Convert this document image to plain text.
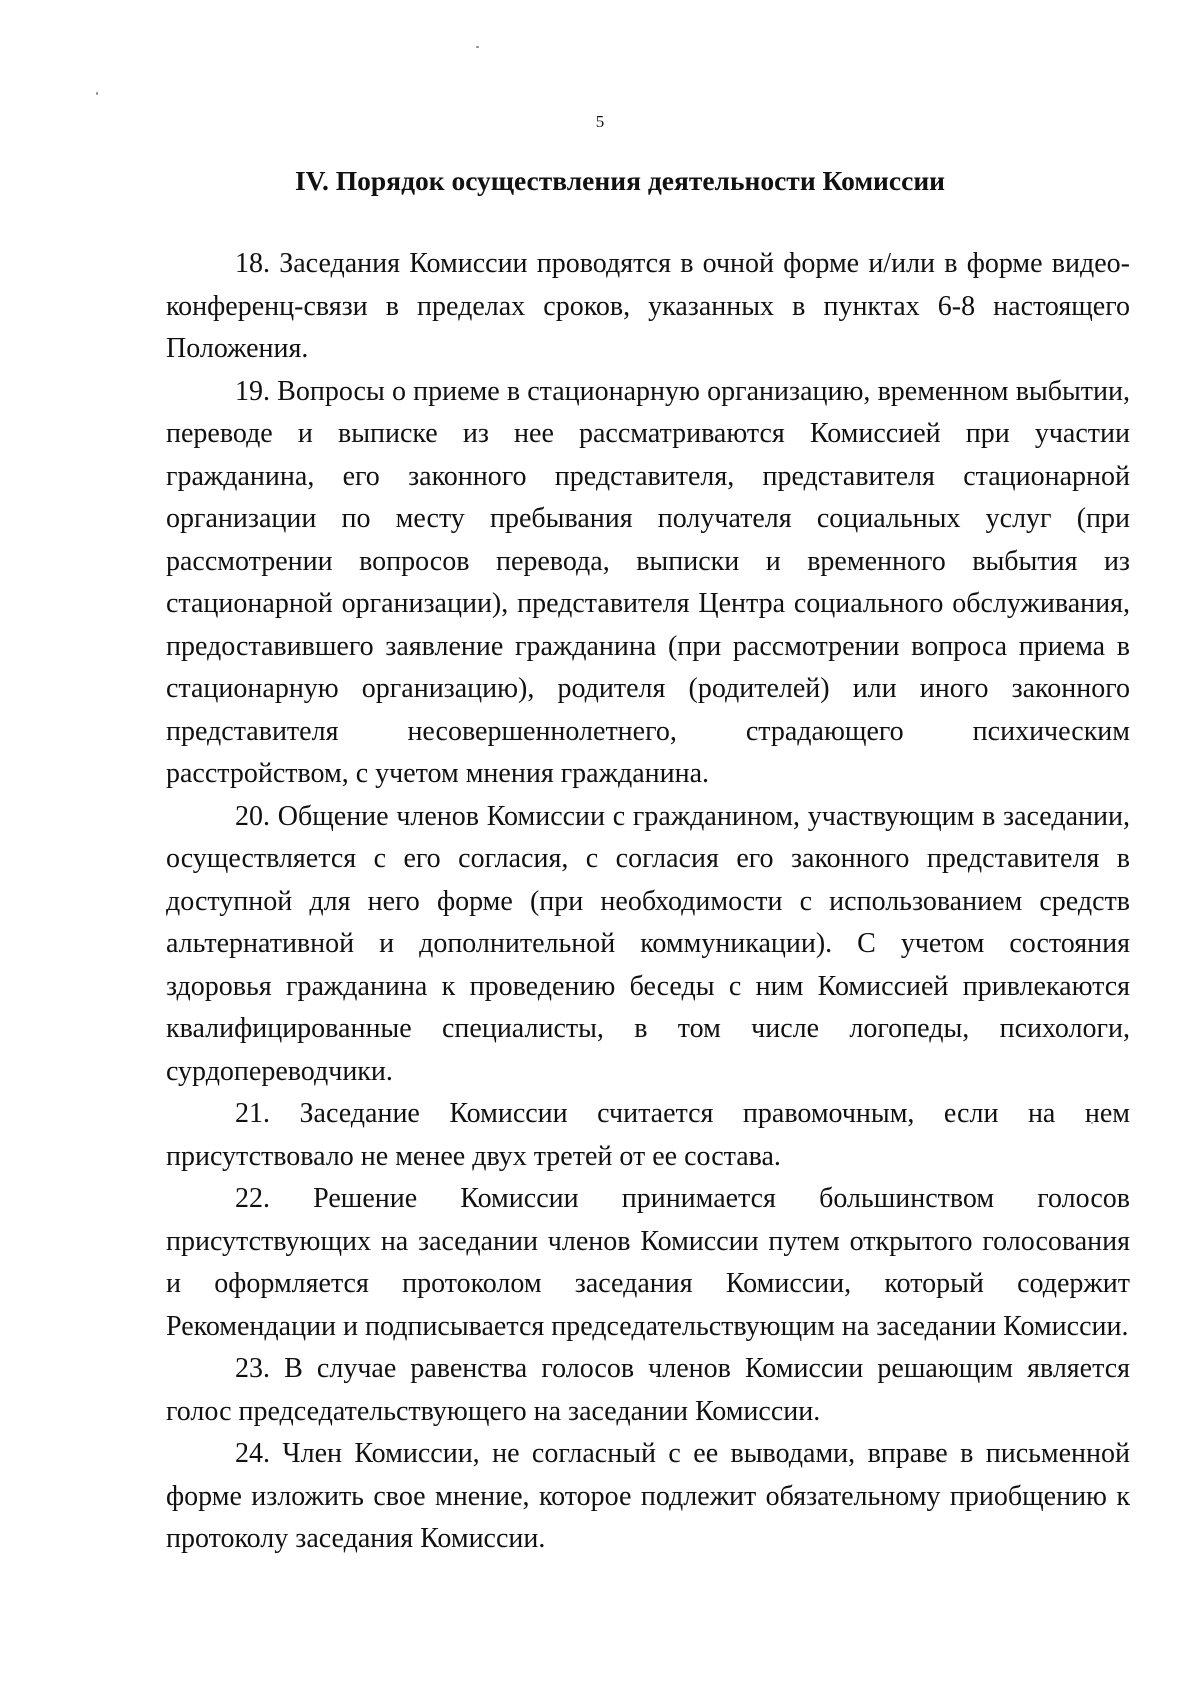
5
IV. Порядок осуществления деятельности Комиссии

18. Заседания Комиссии проводятся в очной форме и/или в форме видео-конференц-связи в пределах сроков, указанных в пунктах 6-8 настоящего Положения.

19. Вопросы о приеме в стационарную организацию, временном выбытии, переводе и выписке из нее рассматриваются Комиссией при участии гражданина, его законного представителя, представителя стационарной организации по месту пребывания получателя социальных услуг (при рассмотрении вопросов перевода, выписки и временного выбытия из стационарной организации), представителя Центра социального обслуживания, предоставившего заявление гражданина (при рассмотрении вопроса приема в стационарную организацию), родителя (родителей) или иного законного представителя несовершеннолетнего, страдающего психическим расстройством, с учетом мнения гражданина.

20. Общение членов Комиссии с гражданином, участвующим в заседании, осуществляется с его согласия, с согласия его законного представителя в доступной для него форме (при необходимости с использованием средств альтернативной и дополнительной коммуникации). С учетом состояния здоровья гражданина к проведению беседы с ним Комиссией привлекаются квалифицированные специалисты, в том числе логопеды, психологи, сурдопереводчики.

21. Заседание Комиссии считается правомочным, если на нем присутствовало не менее двух третей от ее состава.

22. Решение Комиссии принимается большинством голосов присутствующих на заседании членов Комиссии путем открытого голосования и оформляется протоколом заседания Комиссии, который содержит Рекомендации и подписывается председательствующим на заседании Комиссии.

23. В случае равенства голосов членов Комиссии решающим является голос председательствующего на заседании Комиссии.

24. Член Комиссии, не согласный с ее выводами, вправе в письменной форме изложить свое мнение, которое подлежит обязательному приобщению к протоколу заседания Комиссии.
